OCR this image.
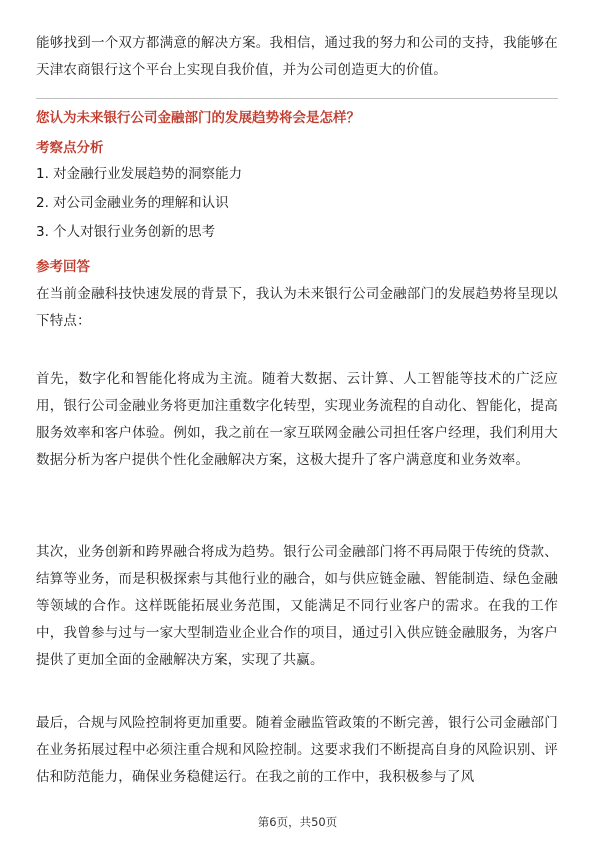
能够找到一个双方都满意的解决方案。我相信，通过我的努力和公司的支持，我能够在天津农商银行这个平台上实现自我价值，并为公司创造更大的价值。

您认为未来银行公司金融部门的发展趋势将会是怎样？

考察点分析

1. 对金融行业发展趋势的洞察能力

2. 对公司金融业务的理解和认识

3. 个人对银行业务创新的思考

参考回答

在当前金融科技快速发展的背景下，我认为未来银行公司金融部门的发展趋势将呈现以下特点：

首先，数字化和智能化将成为主流。随着大数据、云计算、人工智能等技术的广泛应用，银行公司金融业务将更加注重数字化转型，实现业务流程的自动化、智能化，提高服务效率和客户体验。例如，我之前在一家互联网金融公司担任客户经理，我们利用大数据分析为客户提供个性化金融解决方案，这极大提升了客户满意度和业务效率。

其次，业务创新和跨界融合将成为趋势。银行公司金融部门将不再局限于传统的贷款、结算等业务，而是积极探索与其他行业的融合，如与供应链金融、智能制造、绿色金融等领域的合作。这样既能拓展业务范围，又能满足不同行业客户的需求。在我的工作中，我曾参与过与一家大型制造业企业合作的项目，通过引入供应链金融服务，为客户提供了更加全面的金融解决方案，实现了共赢。

最后，合规与风险控制将更加重要。随着金融监管政策的不断完善，银行公司金融部门在业务拓展过程中必须注重合规和风险控制。这要求我们不断提高自身的风险识别、评估和防范能力，确保业务稳健运行。在我之前的工作中，我积极参与了风

第6页，共50页
